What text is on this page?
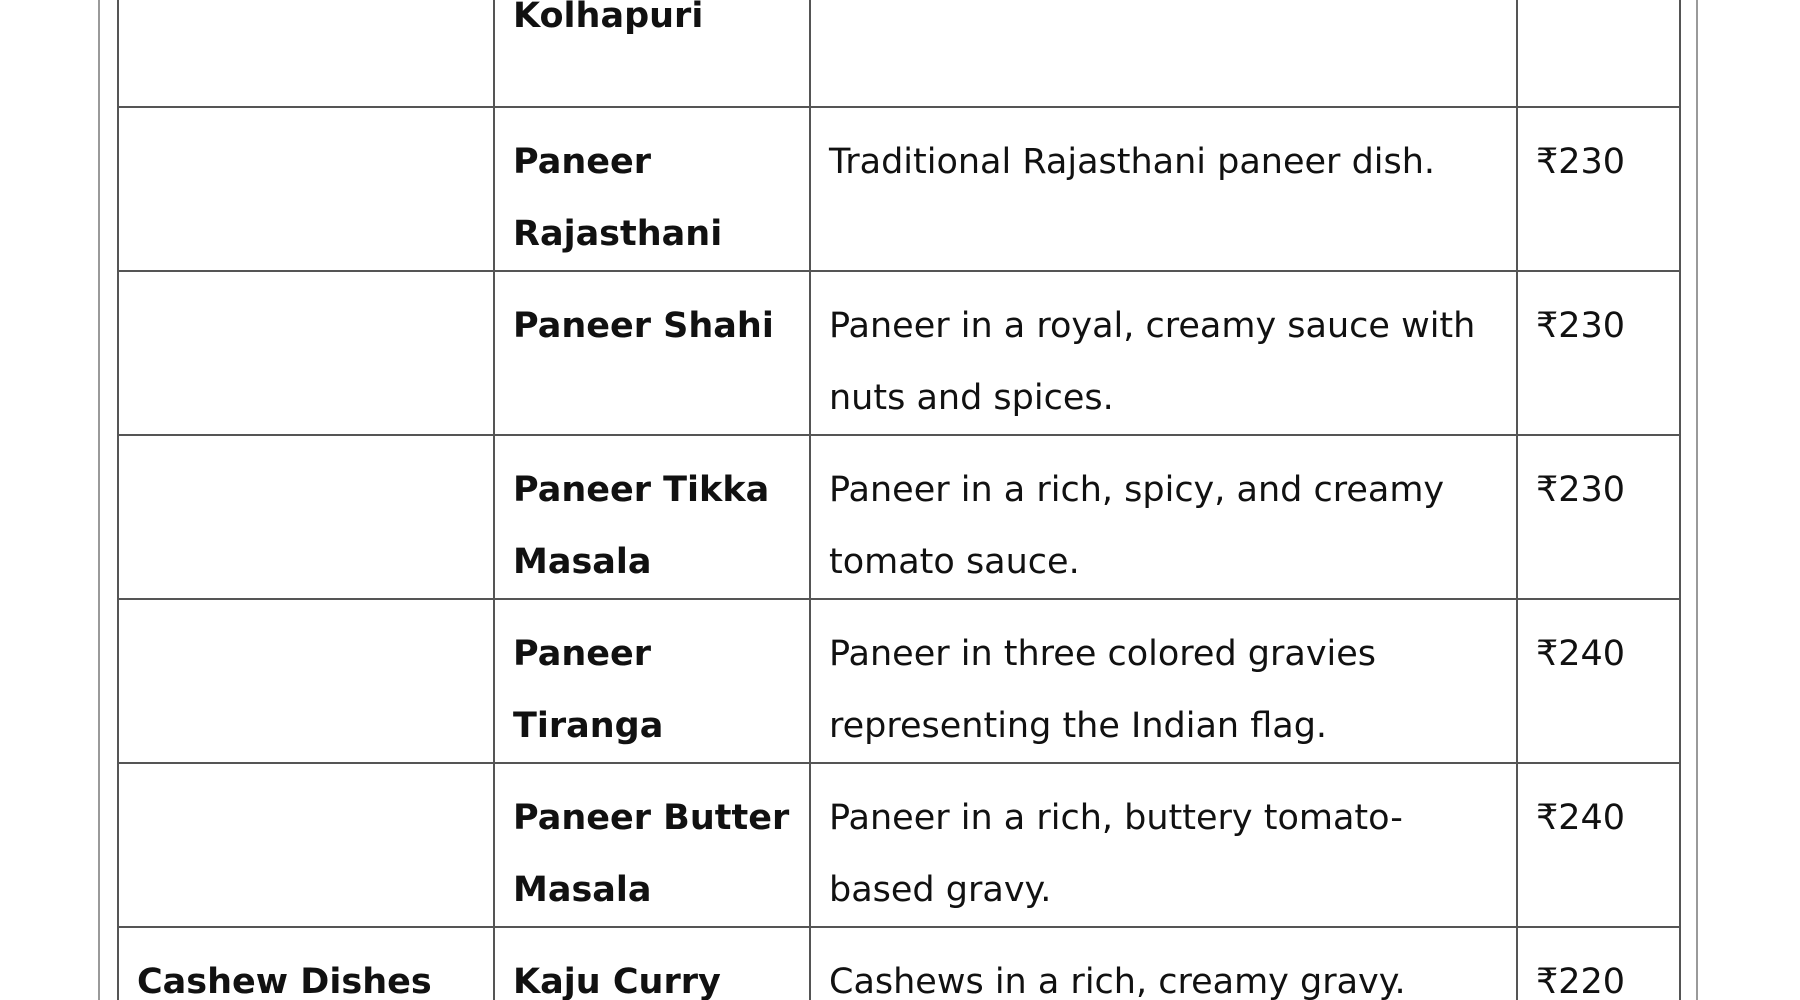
	Kolhapuri		
	Paneer Rajasthani	Traditional Rajasthani paneer dish.	₹230
	Paneer Shahi	Paneer in a royal, creamy sauce with nuts and spices.	₹230
	Paneer Tikka Masala	Paneer in a rich, spicy, and creamy tomato sauce.	₹230
	Paneer Tiranga	Paneer in three colored gravies representing the Indian flag.	₹240
	Paneer Butter Masala	Paneer in a rich, buttery tomato-based gravy.	₹240
Cashew Dishes	Kaju Curry	Cashews in a rich, creamy gravy.	₹220
